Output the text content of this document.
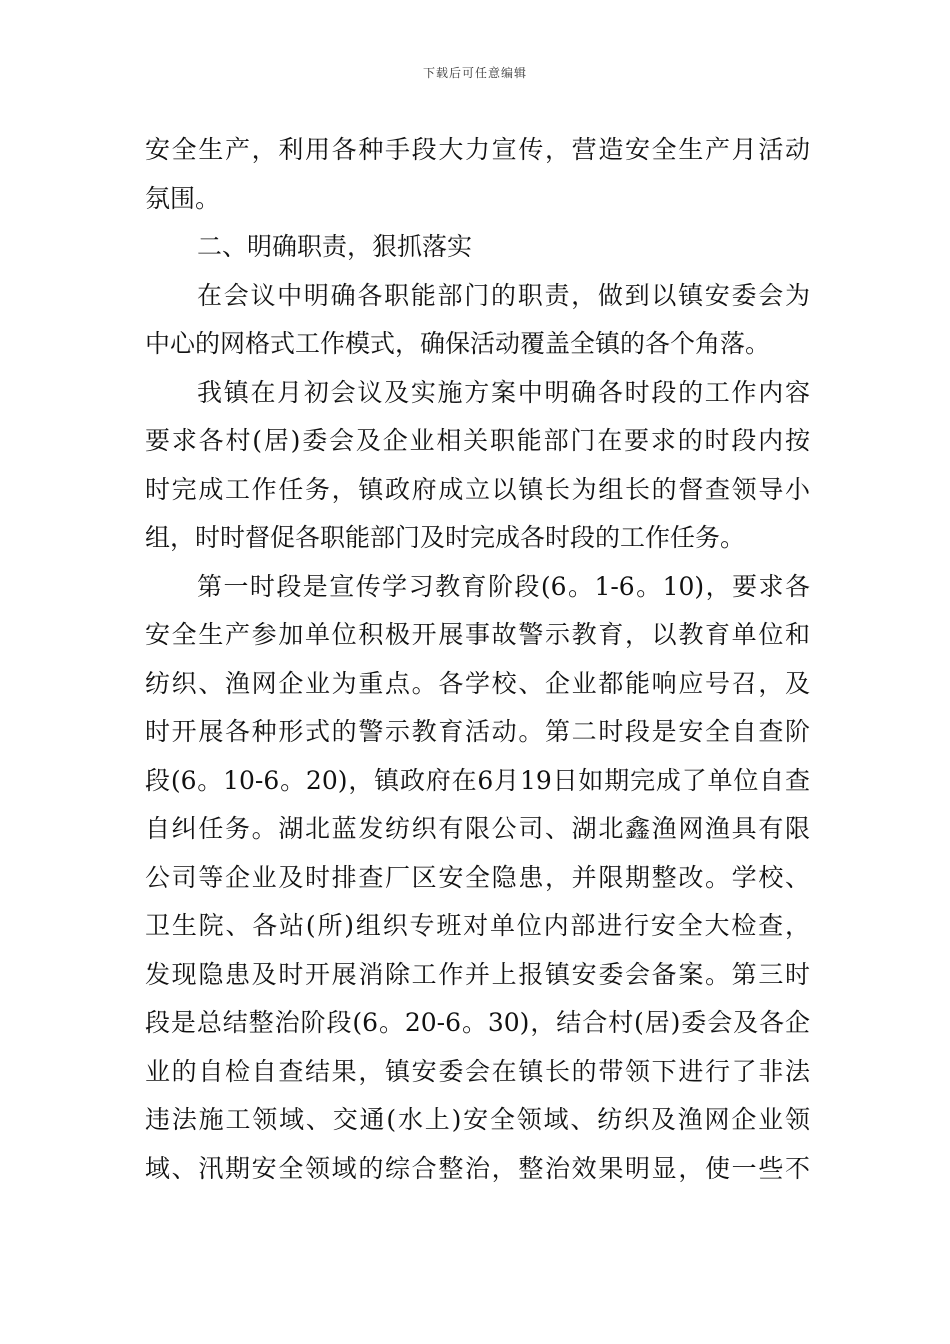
下载后可任意编辑
安全生产，利用各种手段大力宣传，营造安全生产月活动
氛围。
二、明确职责，狠抓落实
在会议中明确各职能部门的职责，做到以镇安委会为
中心的网格式工作模式，确保活动覆盖全镇的各个角落。
我镇在月初会议及实施方案中明确各时段的工作内容
要求各村(居)委会及企业相关职能部门在要求的时段内按
时完成工作任务，镇政府成立以镇长为组长的督查领导小
组，时时督促各职能部门及时完成各时段的工作任务。
第一时段是宣传学习教育阶段(6。1-6。10)，要求各
安全生产参加单位积极开展事故警示教育，以教育单位和
纺织、渔网企业为重点。各学校、企业都能响应号召，及
时开展各种形式的警示教育活动。第二时段是安全自查阶
段(6。10-6。20)，镇政府在6月19日如期完成了单位自查
自纠任务。湖北蓝发纺织有限公司、湖北鑫渔网渔具有限
公司等企业及时排查厂区安全隐患，并限期整改。学校、
卫生院、各站(所)组织专班对单位内部进行安全大检查，
发现隐患及时开展消除工作并上报镇安委会备案。第三时
段是总结整治阶段(6。20-6。30)，结合村(居)委会及各企
业的自检自查结果，镇安委会在镇长的带领下进行了非法
违法施工领域、交通(水上)安全领域、纺织及渔网企业领
域、汛期安全领域的综合整治，整治效果明显，使一些不
